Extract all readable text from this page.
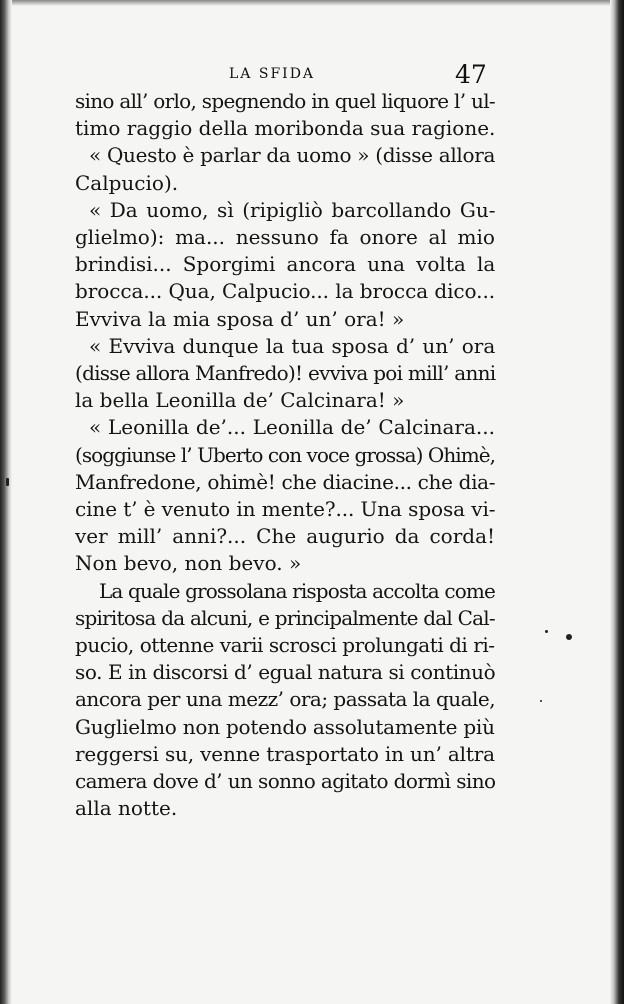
LA SFIDA	47
sino all’ orlo, spegnendo in quel liquore l’ ul-
timo raggio della moribonda sua ragione.
« Questo è parlar da uomo » (disse allora
Calpucio).
« Da uomo, sì (ripigliò barcollando Gu-
glielmo): ma... nessuno fa onore al mio
brindisi... Sporgimi ancora una volta la
brocca... Qua, Calpucio... la brocca dico...
Evviva la mia sposa d’ un’ ora! »
« Evviva dunque la tua sposa d’ un’ ora
(disse allora Manfredo)! evviva poi mill’ anni
la bella Leonilla de’ Calcinara! »
« Leonilla de’... Leonilla de’ Calcinara...
(soggiunse l’ Uberto con voce grossa) Ohimè,
Manfredone, ohimè! che diacine... che dia-
cine t’ è venuto in mente?... Una sposa vi-
ver mill’ anni?... Che augurio da corda!
Non bevo, non bevo. »
La quale grossolana risposta accolta come
spiritosa da alcuni, e principalmente dal Cal-
pucio, ottenne varii scrosci prolungati di ri-
so. E in discorsi d’ egual natura si continuò
ancora per una mezz’ ora; passata la quale,
Guglielmo non potendo assolutamente più
reggersi su, venne trasportato in un’ altra
camera dove d’ un sonno agitato dormì sino
alla notte.
